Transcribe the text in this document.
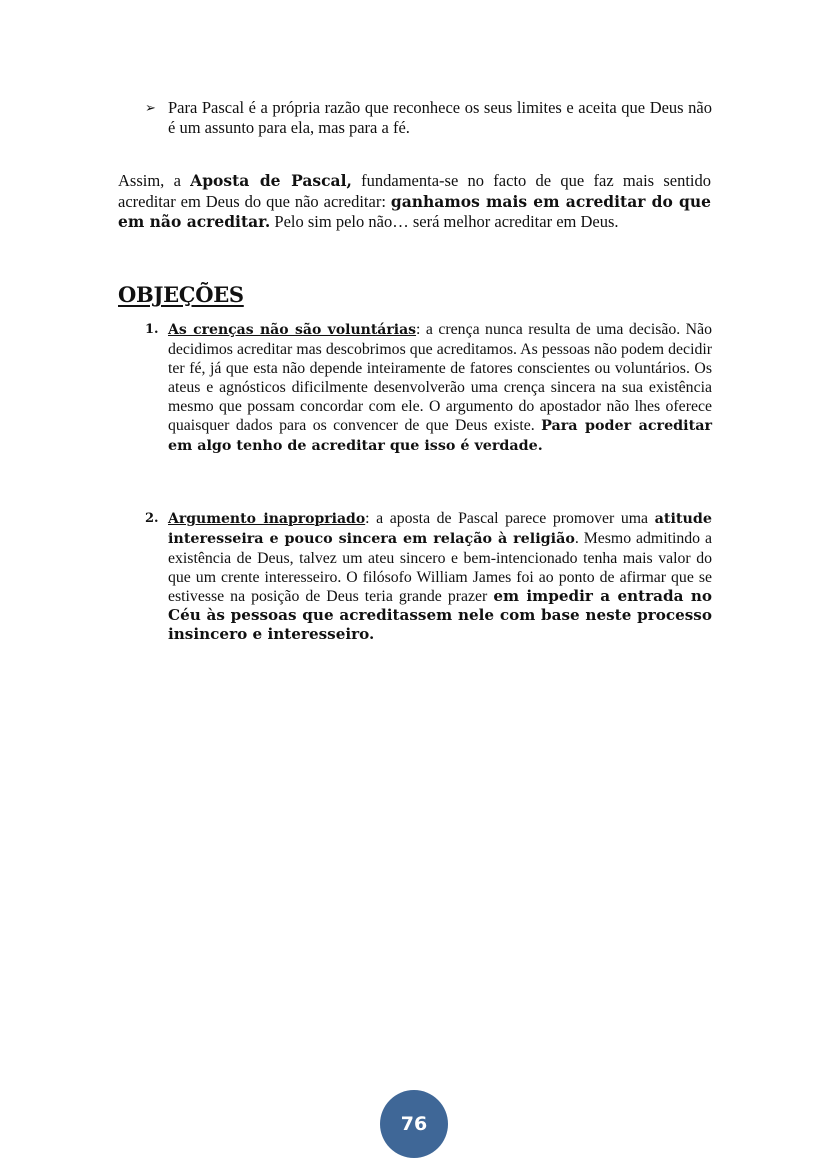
➢ Para Pascal é a própria razão que reconhece os seus limites e aceita que Deus não é um assunto para ela, mas para a fé.
Assim, a Aposta de Pascal, fundamenta-se no facto de que faz mais sentido acreditar em Deus do que não acreditar: ganhamos mais em acreditar do que em não acreditar. Pelo sim pelo não… será melhor acreditar em Deus.
OBJEÇÕES
1. As crenças não são voluntárias: a crença nunca resulta de uma decisão. Não decidimos acreditar mas descobrimos que acreditamos. As pessoas não podem decidir ter fé, já que esta não depende inteiramente de fatores conscientes ou voluntários. Os ateus e agnósticos dificilmente desenvolverão uma crença sincera na sua existência mesmo que possam concordar com ele. O argumento do apostador não lhes oferece quaisquer dados para os convencer de que Deus existe. Para poder acreditar em algo tenho de acreditar que isso é verdade.
2. Argumento inapropriado: a aposta de Pascal parece promover uma atitude interesseira e pouco sincera em relação à religião. Mesmo admitindo a existência de Deus, talvez um ateu sincero e bem-intencionado tenha mais valor do que um crente interesseiro. O filósofo William James foi ao ponto de afirmar que se estivesse na posição de Deus teria grande prazer em impedir a entrada no Céu às pessoas que acreditassem nele com base neste processo insincero e interesseiro.
76
